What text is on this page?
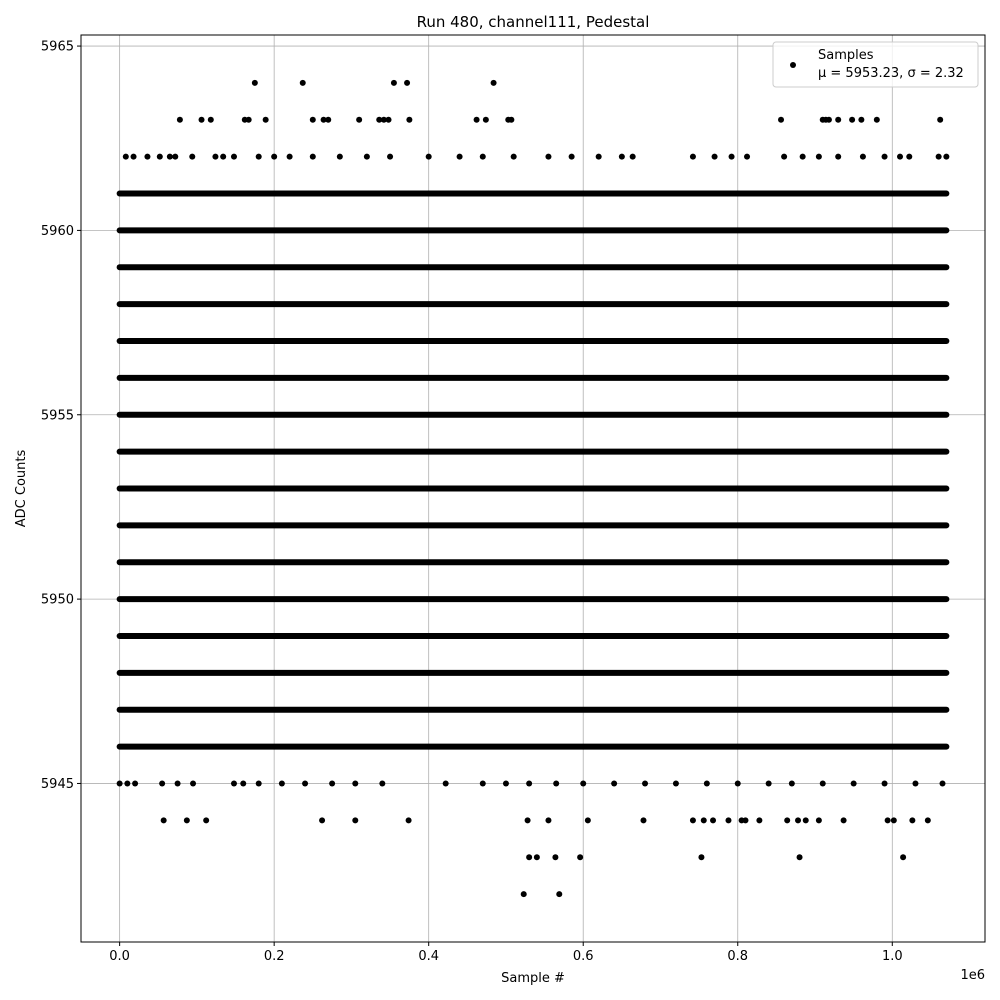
0.0	0.2	0.4	0.6	0.8	1.0
5945
5950
5955
5960
5965
Run 480, channel111, Pedestal
Sample #
ADC Counts
1e6
Samples
μ = 5953.23, σ = 2.32
